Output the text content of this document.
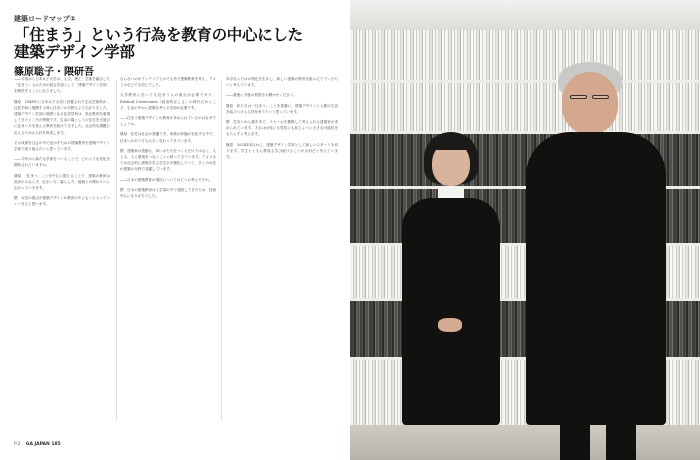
建築ロードマップ①
「住まう」という行為を教育の中心にした
建築デザイン学部
篠原聡子・隈研吾

――今春から日本女子大学は、人文、理工、芸術を融合した「住まう」人のための総合学部として「建築デザイン学部」を開設することになりました。

篠原　1948年に日本女子大学に設置された生活芸術科が、住居学科に展開する時に住まいの分野もより広がりました。建築デザイン学部の基礎となる住居学科は、設計教育を重視してきたところが特徴です。生活の場としての住宅を出発点に住まい方を捉える教育を続けてきました。社会的な課題に応えるための人材を育成します。

その成果を社会の中で活かすための建築教育を建築デザイン学部で取り組みたいと思っています。

――今年から新たな学部をつくることで、どのような変化を期待されていますか。

篠原　「住まう」ことを中心に据えることで、建築の教育は設計のみならず、住まい方、暮らし方、地域との関わりへと広がっていきます。

隈　女性の視点が建築デザインの教育の中にもっと入っていくべきだと思います。

ならないのがインテリアとかでも皆で建築教育を考え、アメリカなどでも同じでした。

大学教育に於いても住まう人の視点が必要であり、Political Correctness（政治的正しさ）の時代だからこそ、生活の中から建築を考える学部が必要です。

――住まう建築デザインの教育が求められているのはなぜでしょうか。

篠原　住宅は社会の基盤です。家族の形態が変化する中で、住まいのあり方も大きく変わってきています。

隈　建築家の役割も、単にかたちをつくるだけではなく、人と人、人と環境をつなぐことに移ってきています。アメリカでは社会的に建築を学ぶ学生が多様化していて、多くの女性が建築の分野で活躍しています。

――日本の建築教育の現状についてはどうお考えですか。

隈　日本の建築教育は工学部の中で発展してきたため、技術中心になりがちでした。

本学ならではの特色を生かし、新しい建築の教育を組み立てていきたいと考えています。

――最後に今後の展望をお聞かせください。

篠原　私たちは「住まう」ことを基盤に、建築デザインと人間の生活を結びつける人材を育てたいと思っています。

隈　住まいから都市まで、スケールを横断して考えられる建築家が求められています。それは女性にも男性にも同じように大きな可能性をもたらすと考えます。

篠原　2024年4月から、建築デザイン学部として新しいスタートを切ります。学生とともに教員も学び続けることが大切だと考えています。

P.2 GA JAPAN 185
